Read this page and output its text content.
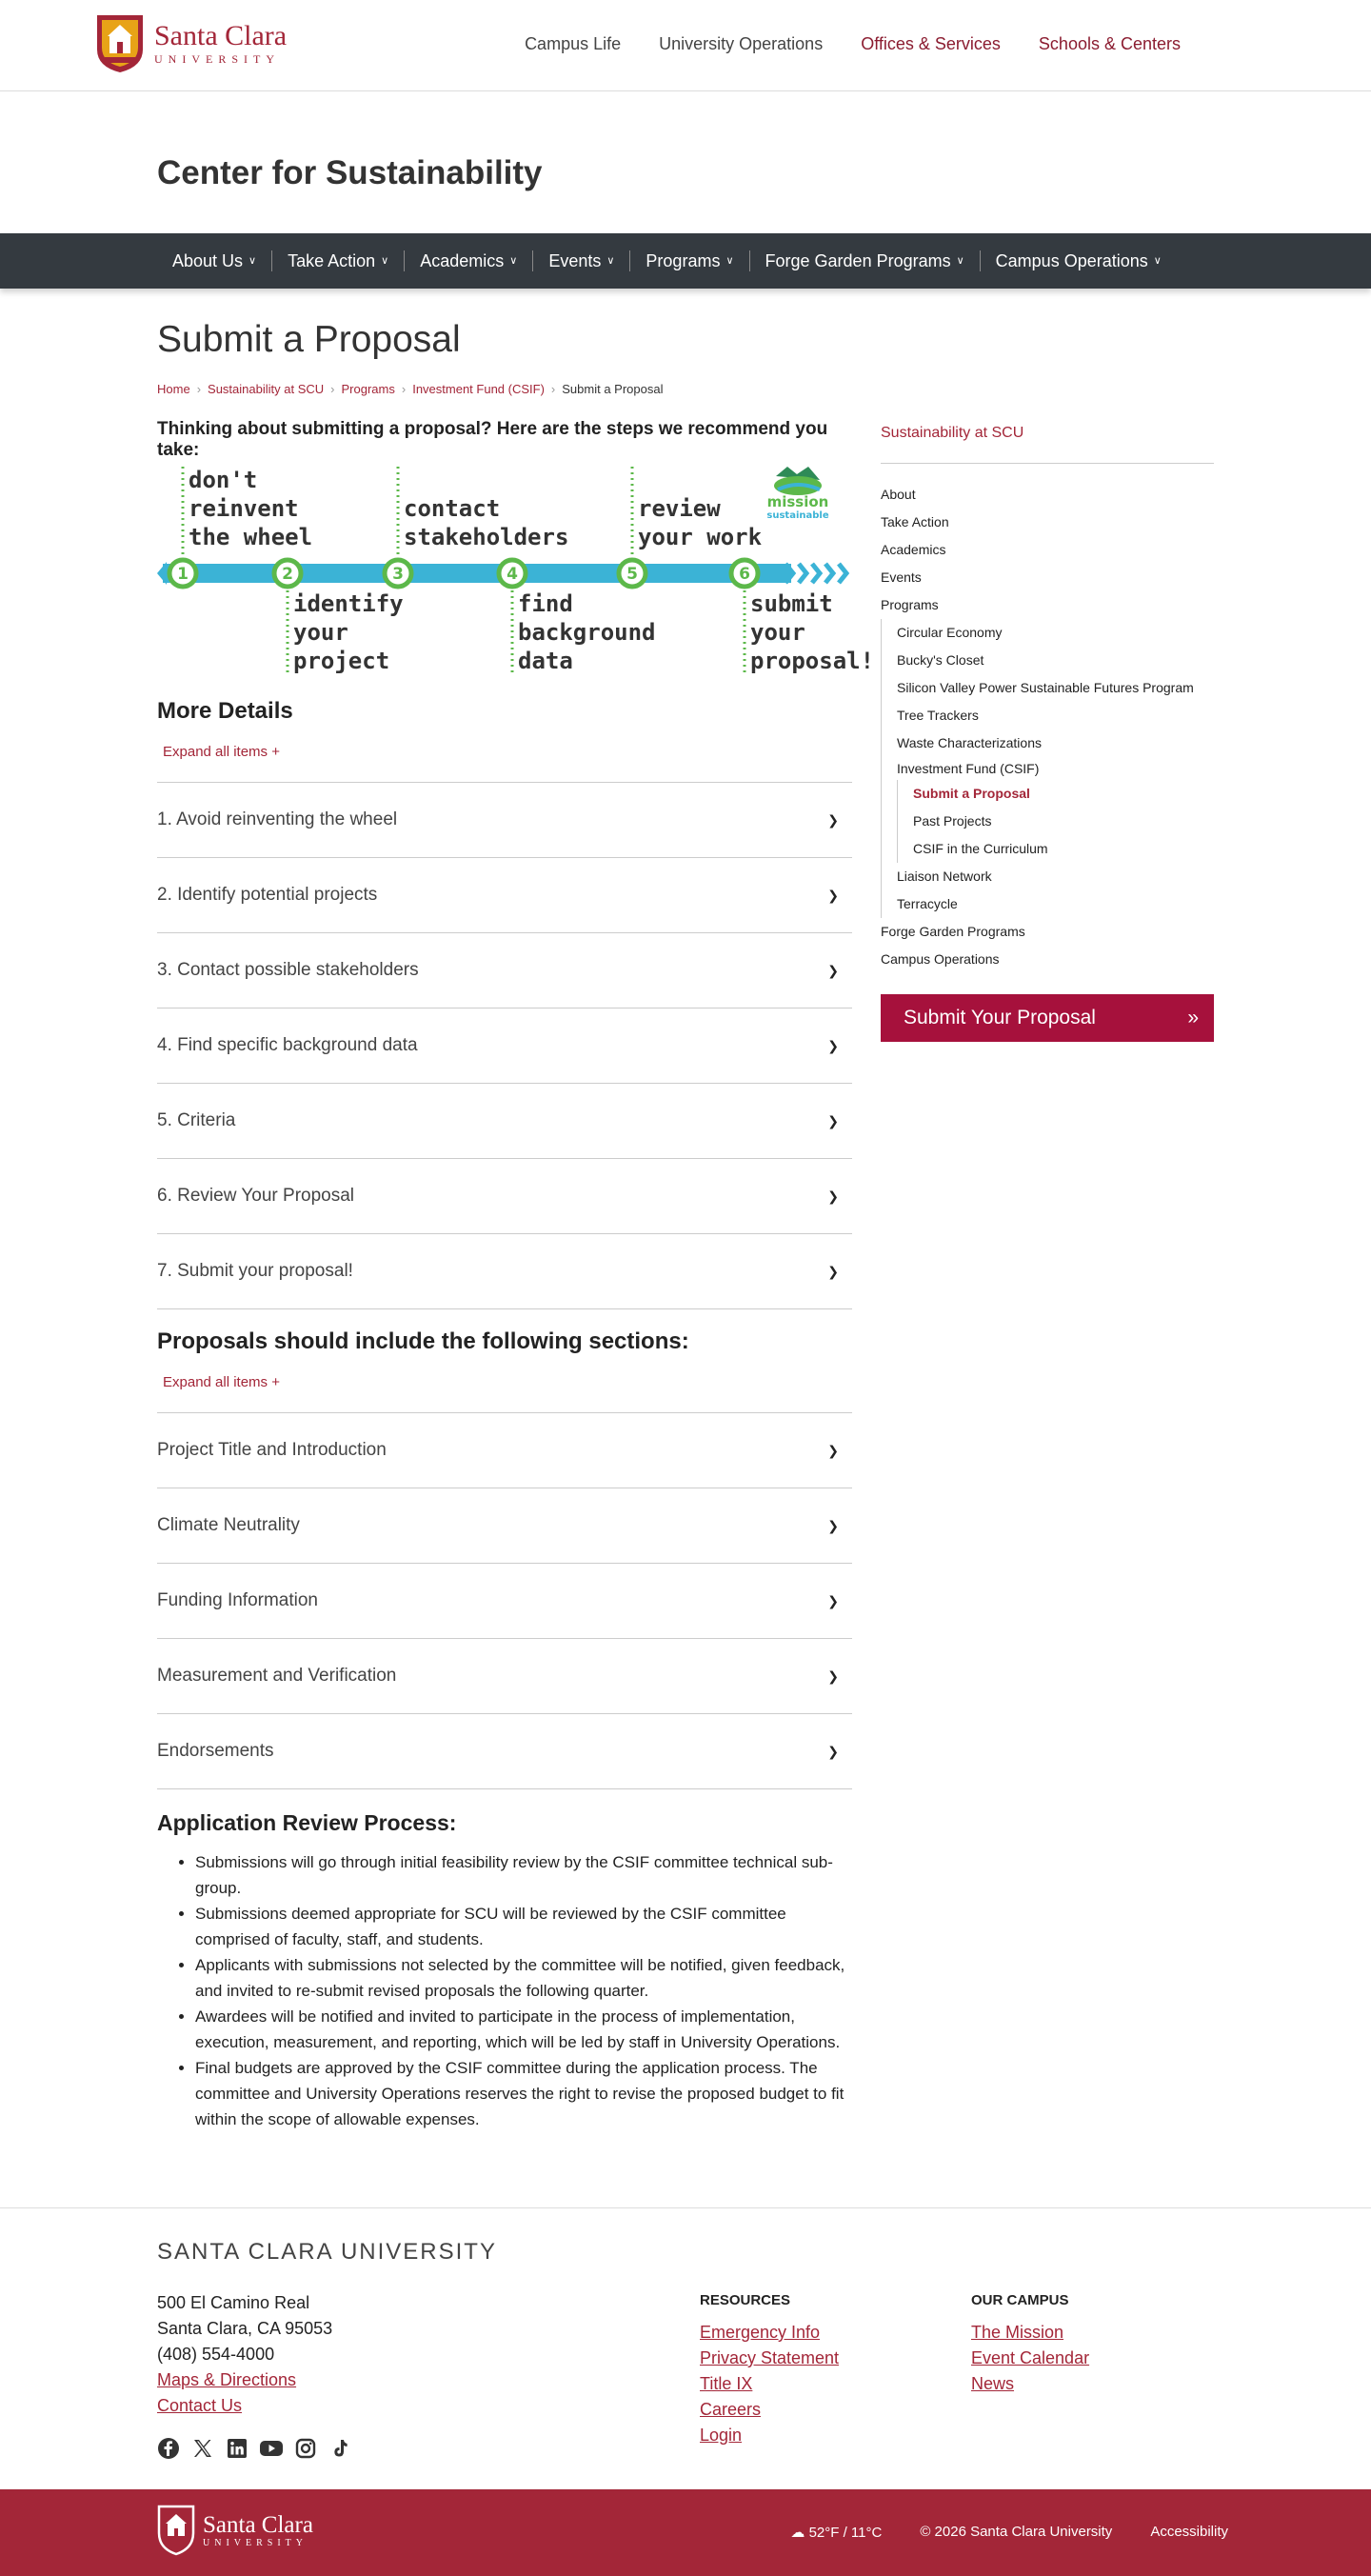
Santa Clara
UNIVERSITY
Campus Life University Operations Offices & Services Schools & Centers
Center for Sustainability
About Us ∨ Take Action ∨ Academics ∨ Events ∨ Programs ∨ Forge Garden Programs ∨ Campus Operations ∨
Submit a Proposal
Home › Sustainability at SCU › Programs › Investment Fund (CSIF) › Submit a Proposal

Thinking about submitting a proposal? Here are the steps we recommend you take:

1	2	3	4	5	6
don't reinvent the wheel
contact stakeholders
review your work
identify your project
find background data
submit your proposal!
mission
sustainable
More Details
Expand all items +
1. Avoid reinventing the wheel	❯
2. Identify potential projects	❯
3. Contact possible stakeholders	❯
4. Find specific background data	❯
5. Criteria	❯
6. Review Your Proposal	❯
7. Submit your proposal!	❯
Proposals should include the following sections:
Expand all items +
Project Title and Introduction	❯
Climate Neutrality	❯
Funding Information	❯
Measurement and Verification	❯
Endorsements	❯
Application Review Process:
• Submissions will go through initial feasibility review by the CSIF committee technical sub-group.
• Submissions deemed appropriate for SCU will be reviewed by the CSIF committee comprised of faculty, staff, and students.
• Applicants with submissions not selected by the committee will be notified, given feedback, and invited to re-submit revised proposals the following quarter.
• Awardees will be notified and invited to participate in the process of implementation, execution, measurement, and reporting, which will be led by staff in University Operations.
• Final budgets are approved by the CSIF committee during the application process. The committee and University Operations reserves the right to revise the proposed budget to fit within the scope of allowable expenses.
Sustainability at SCU
About
Take Action
Academics
Events
Programs
Circular Economy
Bucky's Closet
Silicon Valley Power Sustainable Futures Program
Tree Trackers
Waste Characterizations
Investment Fund (CSIF)
Submit a Proposal
Past Projects
CSIF in the Curriculum
Liaison Network
Terracycle
Forge Garden Programs
Campus Operations
Submit Your Proposal	»
SANTA CLARA UNIVERSITY
500 El Camino Real
Santa Clara, CA 95053
(408) 554-4000
Maps & Directions
Contact Us
RESOURCES
Emergency Info
Privacy Statement
Title IX
Careers
Login
OUR CAMPUS
The Mission
Event Calendar
News
Santa Clara
UNIVERSITY
☁ 52°F / 11°C	© 2026 Santa Clara University	Accessibility
